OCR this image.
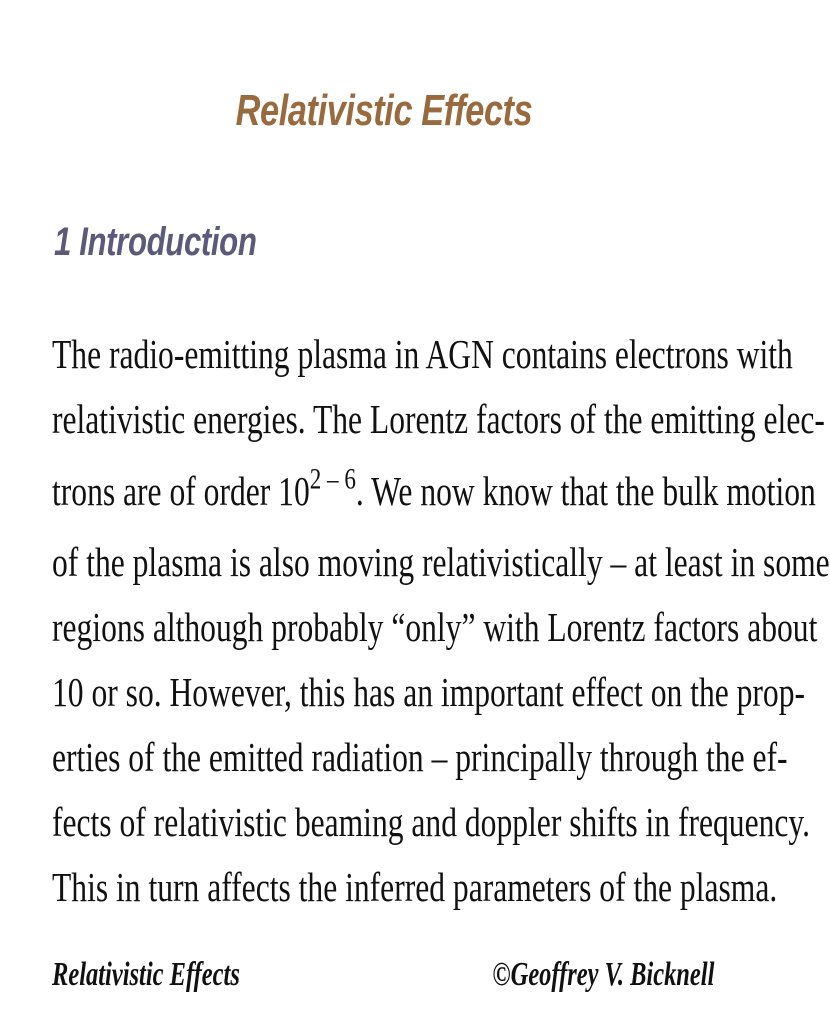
Relativistic Effects
1 Introduction
The radio-emitting plasma in AGN contains electrons with
relativistic energies. The Lorentz factors of the emitting elec-
trons are of order 10$^{2 - 6}$. We now know that the bulk motion
of the plasma is also moving relativistically – at least in some
regions although probably “only” with Lorentz factors about
10 or so. However, this has an important effect on the prop-
erties of the emitted radiation – principally through the ef-
fects of relativistic beaming and doppler shifts in frequency.
This in turn affects the inferred parameters of the plasma.
Relativistic Effects	©Geoffrey V. Bicknell
